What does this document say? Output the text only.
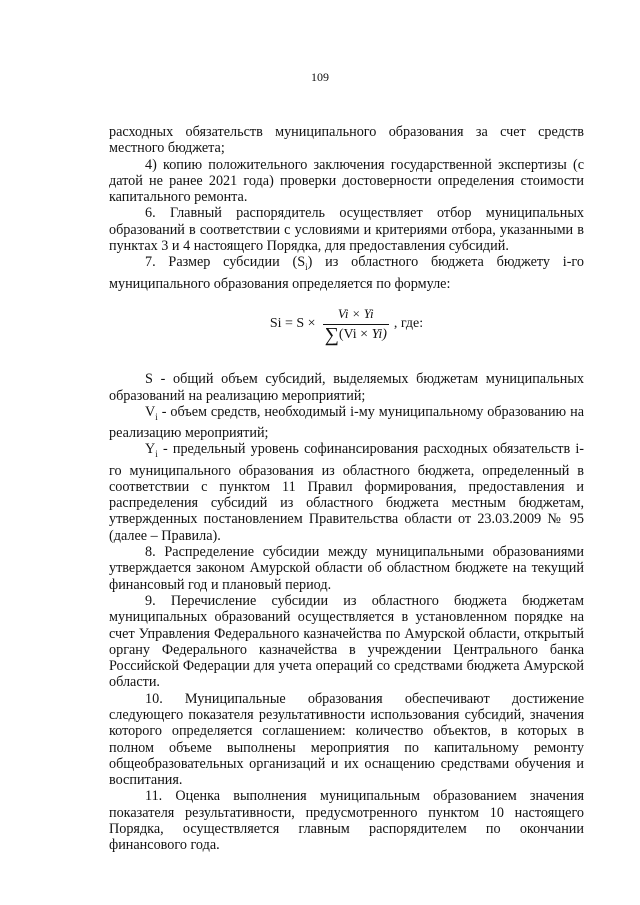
109

расходных обязательств муниципального образования за счет средств местного бюджета;

4) копию положительного заключения государственной экспертизы (с датой не ранее 2021 года) проверки достоверности определения стоимости капитального ремонта.

6. Главный распорядитель осуществляет отбор муниципальных образований в соответствии с условиями и критериями отбора, указанными в пунктах 3 и 4 настоящего Порядка, для предоставления субсидий.

7. Размер субсидии $(S_i)$ из областного бюджета бюджету i-го муниципального образования определяется по формуле:

$Si = S \times \frac{Vi \times Yi}{\sum(Vi \times Yi)}$ , где:

S - общий объем субсидий, выделяемых бюджетам муниципальных образований на реализацию мероприятий;

$V_i$ - объем средств, необходимый i-му муниципальному образованию на реализацию мероприятий;

$Y_i$ - предельный уровень софинансирования расходных обязательств i-го муниципального образования из областного бюджета, определенный в соответствии с пунктом 11 Правил формирования, предоставления и распределения субсидий из областного бюджета местным бюджетам, утвержденных постановлением Правительства области от 23.03.2009 № 95 (далее – Правила).

8. Распределение субсидии между муниципальными образованиями утверждается законом Амурской области об областном бюджете на текущий финансовый год и плановый период.

9. Перечисление субсидии из областного бюджета бюджетам муниципальных образований осуществляется в установленном порядке на счет Управления Федерального казначейства по Амурской области, открытый органу Федерального казначейства в учреждении Центрального банка Российской Федерации для учета операций со средствами бюджета Амурской области.

10. Муниципальные образования обеспечивают достижение следующего показателя результативности использования субсидий, значения которого определяется соглашением: количество объектов, в которых в полном объеме выполнены мероприятия по капитальному ремонту общеобразовательных организаций и их оснащению средствами обучения и воспитания.

11. Оценка выполнения муниципальным образованием значения показателя результативности, предусмотренного пунктом 10 настоящего Порядка, осуществляется главным распорядителем по окончании финансового года.
